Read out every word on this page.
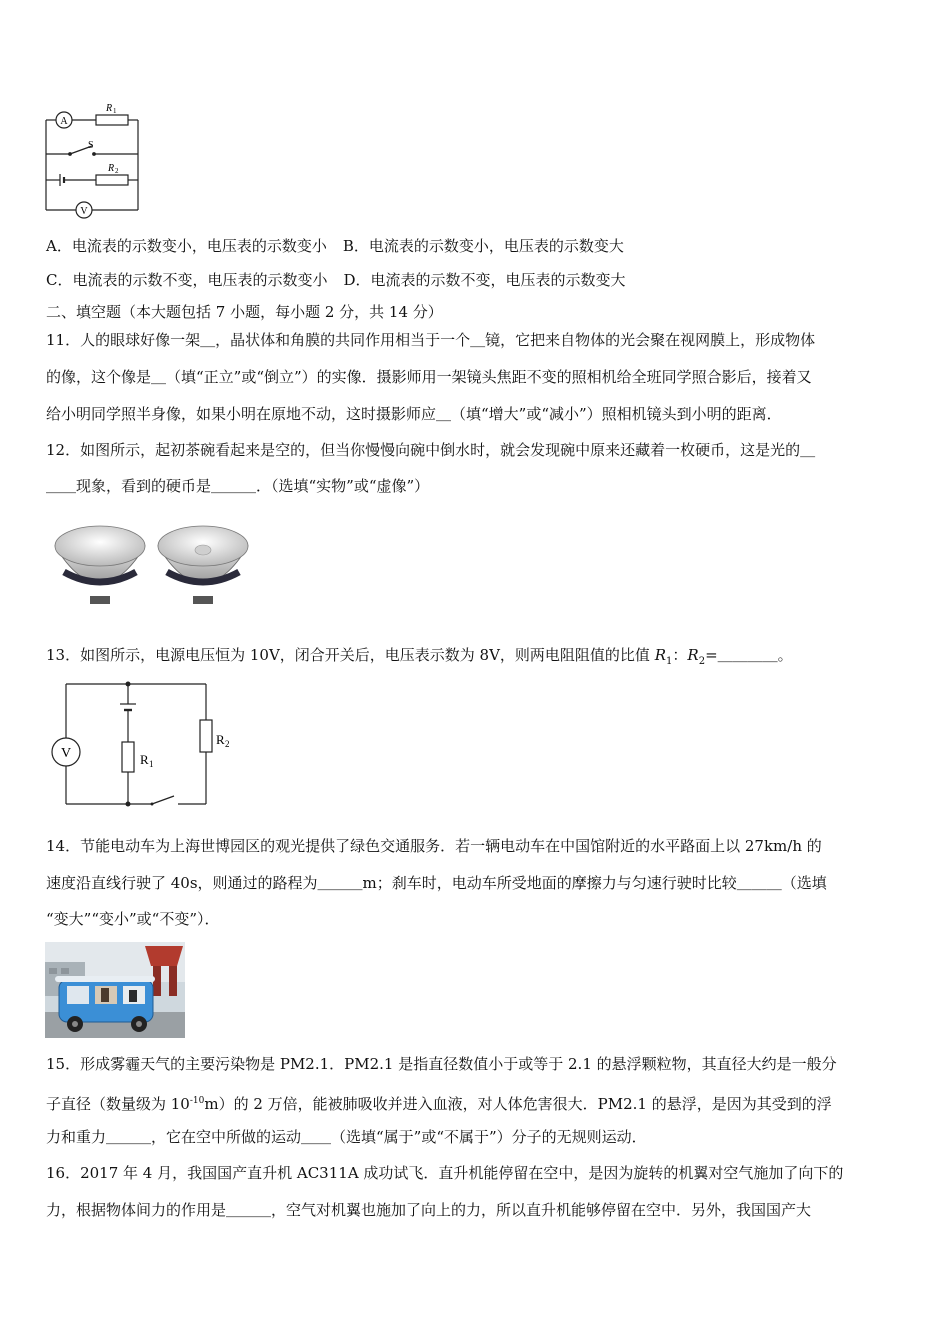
A
V
R 1
R 2
S
A．电流表的示数变小，电压表的示数变小 B．电流表的示数变小，电压表的示数变大
C．电流表的示数不变，电压表的示数变小 D．电流表的示数不变，电压表的示数变大
二、填空题（本大题包括 7 小题，每小题 2 分，共 14 分）
11．人的眼球好像一架＿，晶状体和角膜的共同作用相当于一个＿镜，它把来自物体的光会聚在视网膜上，形成物体
的像，这个像是＿（填“正立”或“倒立”）的实像．摄影师用一架镜头焦距不变的照相机给全班同学照合影后，接着又
给小明同学照半身像，如果小明在原地不动，这时摄影师应＿（填“增大”或“减小”）照相机镜头到小明的距离．
12．如图所示，起初茶碗看起来是空的，但当你慢慢向碗中倒水时，就会发现碗中原来还藏着一枚硬币，这是光的＿
＿＿现象，看到的硬币是＿＿＿．（选填“实物”或“虚像”）
13．如图所示，电源电压恒为 10V，闭合开关后，电压表示数为 8V，则两电阻阻值的比值 $R_1$：$R_2=\_\_\_\_$。
V	R 1
R 2
14．节能电动车为上海世博园区的观光提供了绿色交通服务．若一辆电动车在中国馆附近的水平路面上以 27km/h 的
速度沿直线行驶了 40s，则通过的路程为＿＿＿m；刹车时，电动车所受地面的摩擦力与匀速行驶时比较＿＿＿（选填
“变大”“变小”或“不变”）．
15．形成雾霾天气的主要污染物是 PM2.1．PM2.1 是指直径数值小于或等于 2.1 的悬浮颗粒物，其直径大约是一般分
子直径（数量级为 $10^{-10}m$）的 2 万倍，能被肺吸收并进入血液，对人体危害很大．PM2.1 的悬浮，是因为其受到的浮
力和重力＿＿＿，它在空中所做的运动＿＿（选填“属于”或“不属于”）分子的无规则运动．
16．2017 年 4 月，我国国产直升机 AC311A 成功试飞．直升机能停留在空中，是因为旋转的机翼对空气施加了向下的
力，根据物体间力的作用是＿＿＿，空气对机翼也施加了向上的力，所以直升机能够停留在空中．另外，我国国产大
